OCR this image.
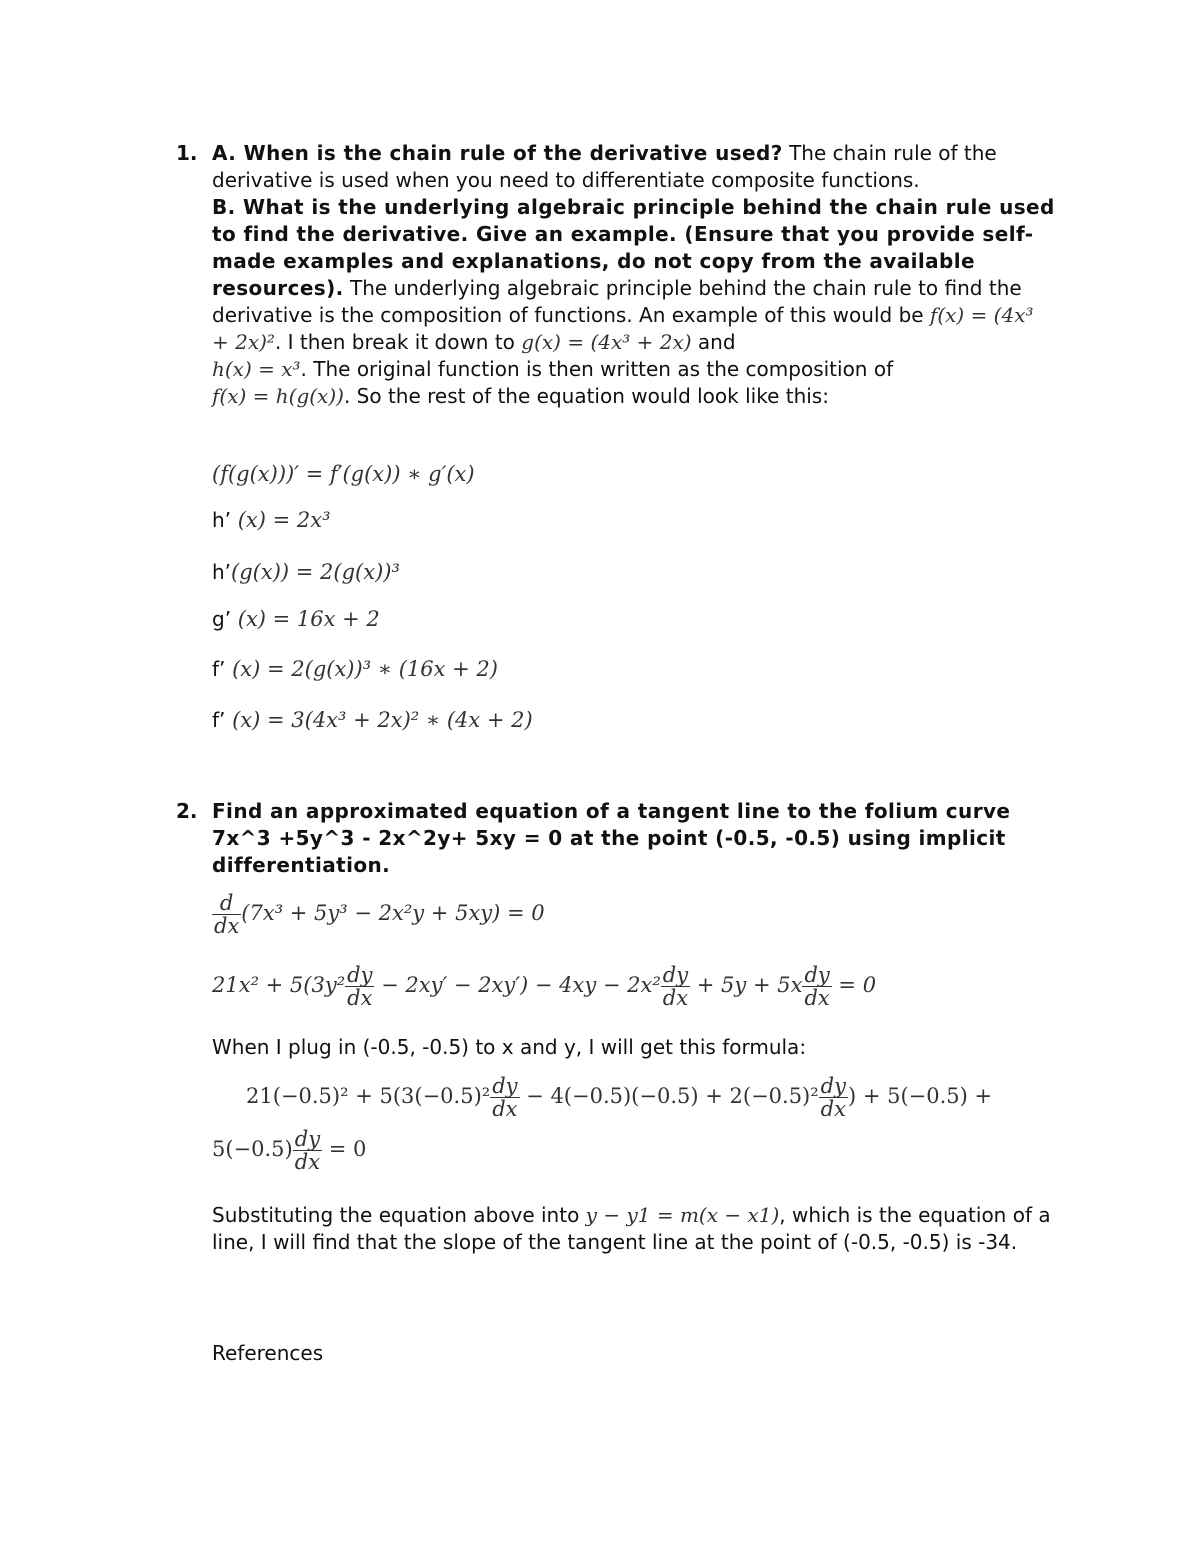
1. A. When is the chain rule of the derivative used? The chain rule of the derivative is used when you need to differentiate composite functions.
B. What is the underlying algebraic principle behind the chain rule used to find the derivative. Give an example. (Ensure that you provide self-made examples and explanations, do not copy from the available resources). The underlying algebraic principle behind the chain rule to find the derivative is the composition of functions. An example of this would be f(x) = (4x³ + 2x)². I then break it down to g(x) = (4x³ + 2x) and
h(x) = x³. The original function is then written as the composition of
f(x) = h(g(x)). So the rest of the equation would look like this:
(f(g(x)))′ = f′(g(x)) ∗ g′(x)
h’ (x) = 2x³
h’(g(x)) = 2(g(x))³
g’ (x) = 16x + 2
f’ (x) = 2(g(x))³ ∗ (16x + 2)
f’ (x) = 3(4x³ + 2x)² ∗ (4x + 2)
2. Find an approximated equation of a tangent line to the folium curve 7x^3 +5y^3 - 2x^2y+ 5xy = 0 at the point (-0.5, -0.5) using implicit differentiation.
$\frac{d}{dx} (7x^3 + 5y^3 - 2x^2y + 5xy) = 0$
$21x^2 + 5(3y^2 \frac{dy}{dx} - 2xy' - 2xy') - 4xy - 2x^2 \frac{dy}{dx} + 5y + 5x \frac{dy}{dx} = 0$
When I plug in (-0.5, -0.5) to x and y, I will get this formula:
$21(-0.5)^2 + 5(3(-0.5)^2 \frac{dy}{dx} - 4(-0.5)(-0.5) + 2(-0.5)^2 \frac{dy}{dx}$ ) + 5(−0.5) +
$5(-0.5) \frac{dy}{dx} = 0$
Substituting the equation above into y − y1 = m(x − x1), which is the equation of a line, I will find that the slope of the tangent line at the point of (-0.5, -0.5) is -34.
References
